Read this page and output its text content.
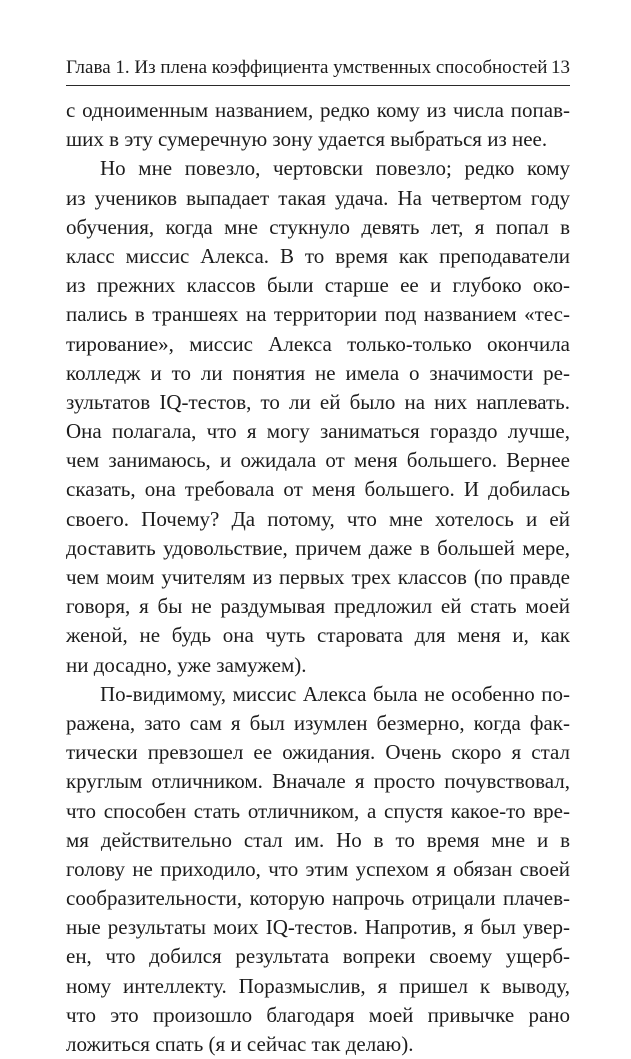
Глава 1. Из плена коэффициента умственных способностей 13
с одноименным названием, редко кому из числа попав-
ших в эту сумеречную зону удается выбраться из нее.
Но мне повезло, чертовски повезло; редко кому
из учеников выпадает такая удача. На четвертом году
обучения, когда мне стукнуло девять лет, я попал в
класс миссис Алекса. В то время как преподаватели
из прежних классов были старше ее и глубоко око-
пались в траншеях на территории под названием «тес-
тирование», миссис Алекса только-только окончила
колледж и то ли понятия не имела о значимости ре-
зультатов IQ-тестов, то ли ей было на них наплевать.
Она полагала, что я могу заниматься гораздо лучше,
чем занимаюсь, и ожидала от меня большего. Вернее
сказать, она требовала от меня большего. И добилась
своего. Почему? Да потому, что мне хотелось и ей
доставить удовольствие, причем даже в большей мере,
чем моим учителям из первых трех классов (по правде
говоря, я бы не раздумывая предложил ей стать моей
женой, не будь она чуть староватa для меня и, как
ни досадно, уже замужем).
По-видимому, миссис Алекса была не особенно по-
ражена, зато сам я был изумлен безмерно, когда фак-
тически превзошел ее ожидания. Очень скоро я стал
круглым отличником. Вначале я просто почувствовал,
что способен стать отличником, а спустя какое-то вре-
мя действительно стал им. Но в то время мне и в
голову не приходило, что этим успехом я обязан своей
сообразительности, которую напрочь отрицали плачев-
ные результаты моих IQ-тестов. Напротив, я был увер-
ен, что добился результата вопреки своему ущерб-
ному интеллекту. Поразмыслив, я пришел к выводу,
что это произошло благодаря моей привычке рано
ложиться спать (я и сейчас так делаю).
